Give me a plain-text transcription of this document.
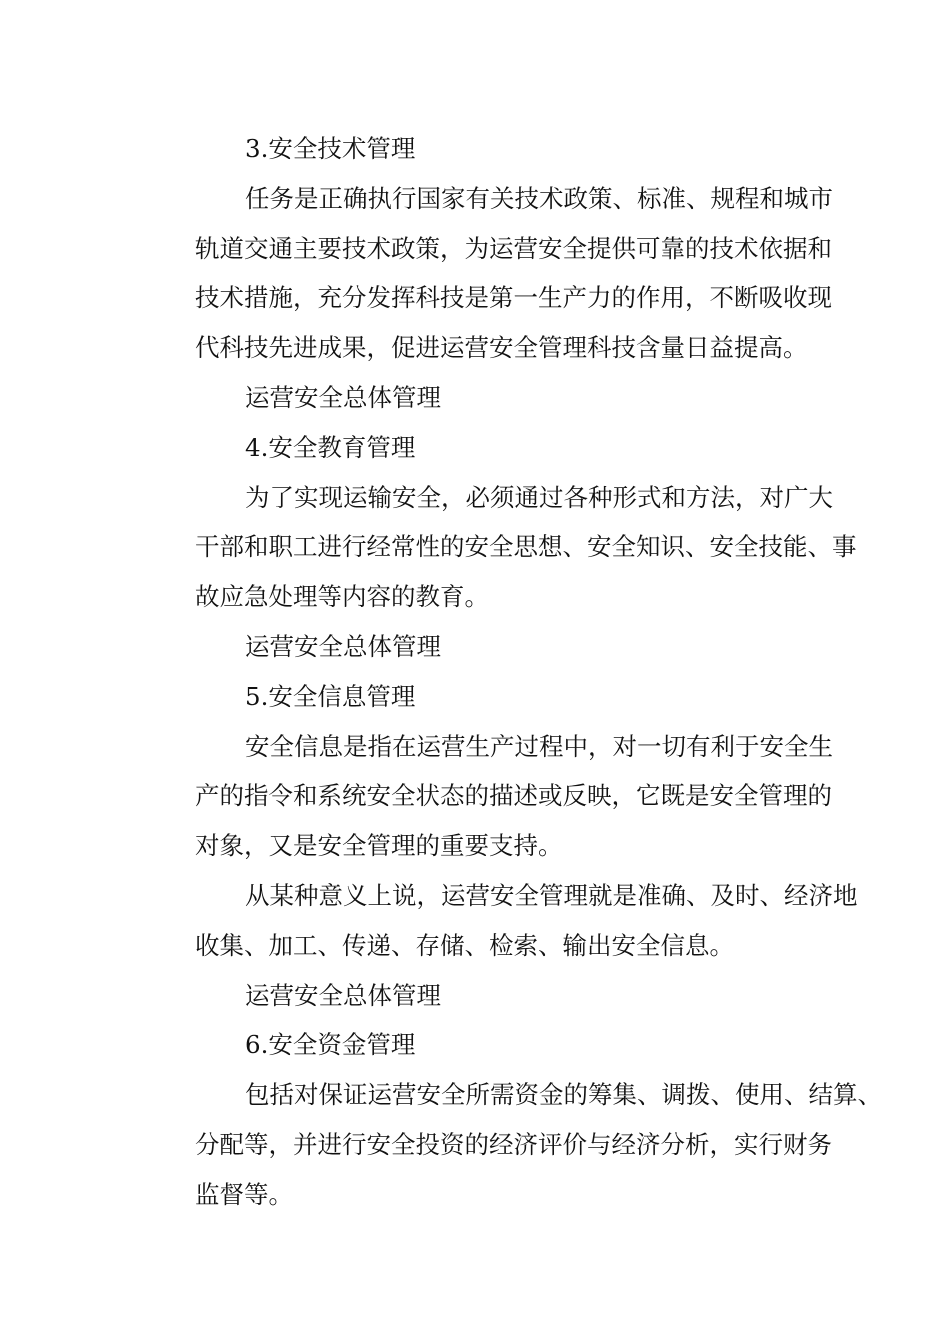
3.安全技术管理
任务是正确执行国家有关技术政策、标准、规程和城市
轨道交通主要技术政策，为运营安全提供可靠的技术依据和
技术措施，充分发挥科技是第一生产力的作用，不断吸收现
代科技先进成果，促进运营安全管理科技含量日益提高。
运营安全总体管理
4.安全教育管理
为了实现运输安全，必须通过各种形式和方法，对广大
干部和职工进行经常性的安全思想、安全知识、安全技能、事
故应急处理等内容的教育。
运营安全总体管理
5.安全信息管理
安全信息是指在运营生产过程中，对一切有利于安全生
产的指令和系统安全状态的描述或反映，它既是安全管理的
对象，又是安全管理的重要支持。
从某种意义上说，运营安全管理就是准确、及时、经济地
收集、加工、传递、存储、检索、输出安全信息。
运营安全总体管理
6.安全资金管理
包括对保证运营安全所需资金的筹集、调拨、使用、结算、
分配等，并进行安全投资的经济评价与经济分析，实行财务
监督等。
